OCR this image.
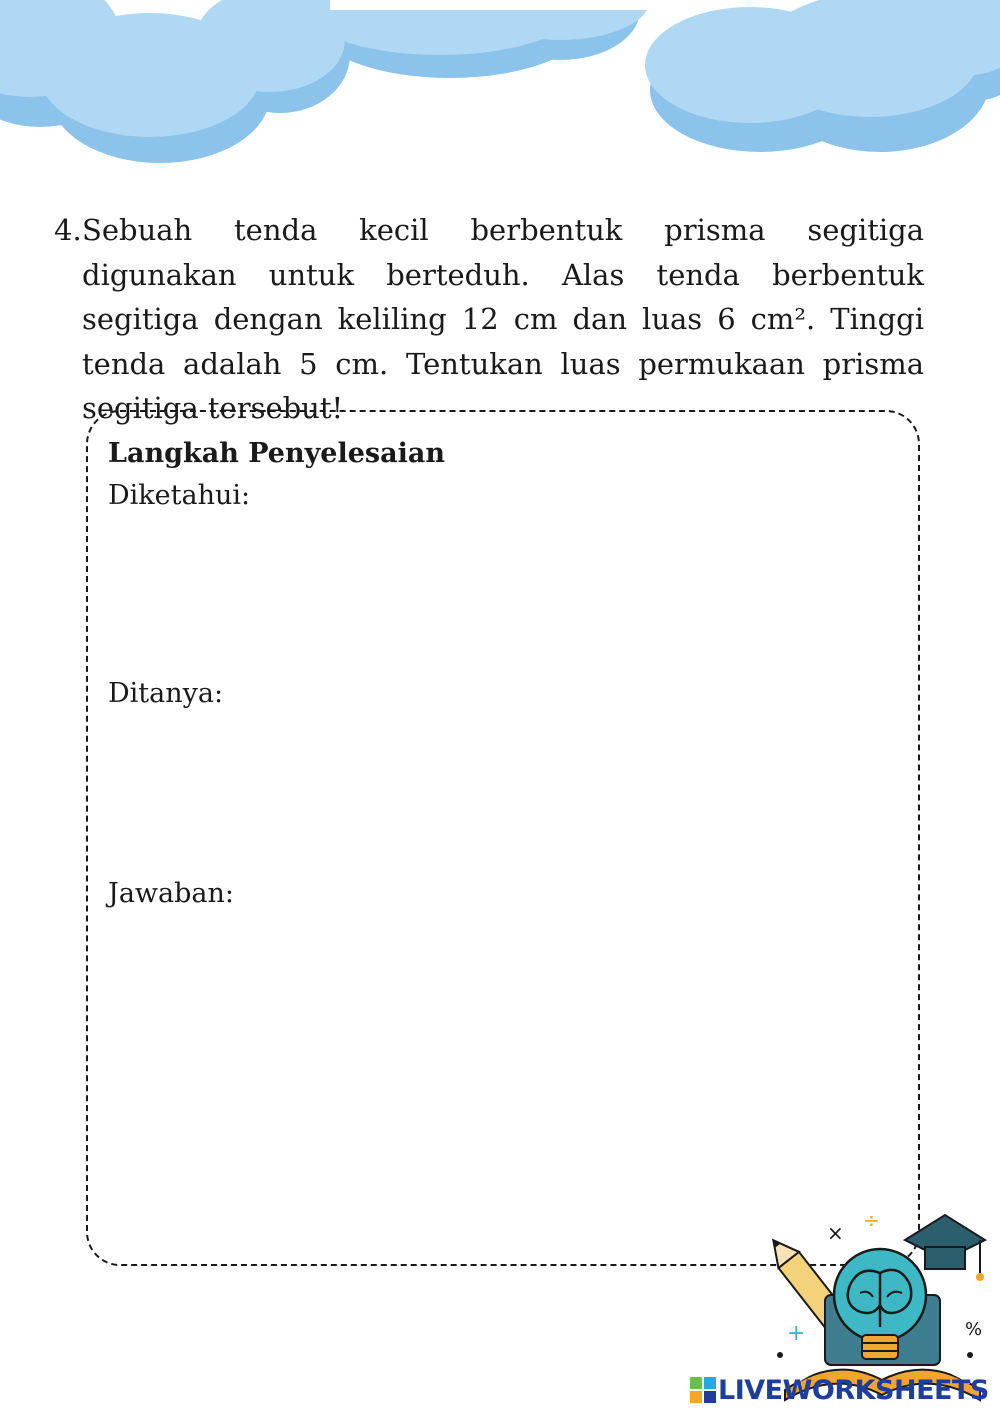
4. Sebuah tenda kecil berbentuk prisma segitiga digunakan untuk berteduh. Alas tenda berbentuk segitiga dengan keliling 12 cm dan luas 6 cm². Tinggi tenda adalah 5 cm. Tentukan luas permukaan prisma segitiga tersebut!
Langkah Penyelesaian
Diketahui:
Ditanya:
Jawaban:
×
÷
+	%
LIVEWORKSHEETS
